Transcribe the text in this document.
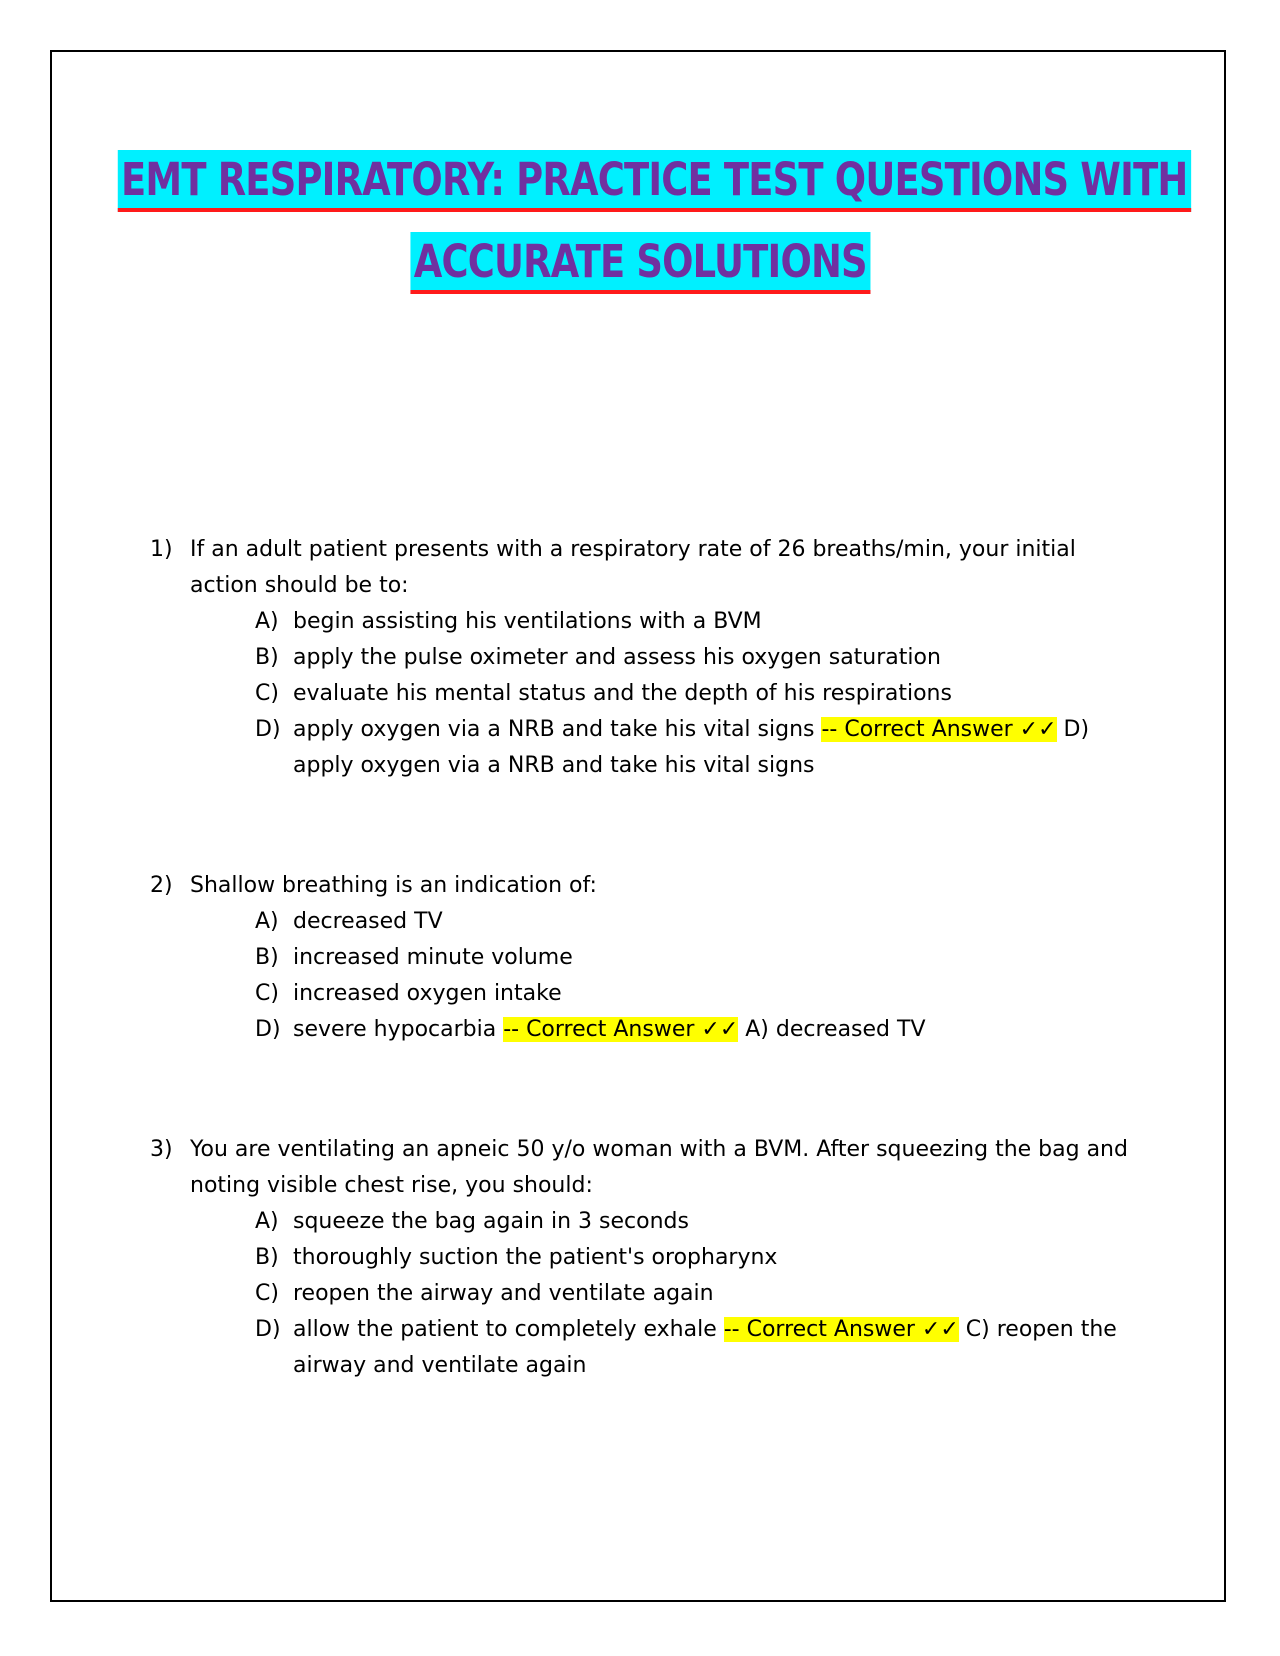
EMT RESPIRATORY: PRACTICE TEST QUESTIONS WITH
ACCURATE SOLUTIONS
1) If an adult patient presents with a respiratory rate of 26 breaths/min, your initial action should be to:
A) begin assisting his ventilations with a BVM
B) apply the pulse oximeter and assess his oxygen saturation
C) evaluate his mental status and the depth of his respirations
D) apply oxygen via a NRB and take his vital signs -- Correct Answer ✓✓ D) apply oxygen via a NRB and take his vital signs
2) Shallow breathing is an indication of:
A) decreased TV
B) increased minute volume
C) increased oxygen intake
D) severe hypocarbia -- Correct Answer ✓✓ A) decreased TV
3) You are ventilating an apneic 50 y/o woman with a BVM. After squeezing the bag and noting visible chest rise, you should:
A) squeeze the bag again in 3 seconds
B) thoroughly suction the patient's oropharynx
C) reopen the airway and ventilate again
D) allow the patient to completely exhale -- Correct Answer ✓✓ C) reopen the airway and ventilate again
